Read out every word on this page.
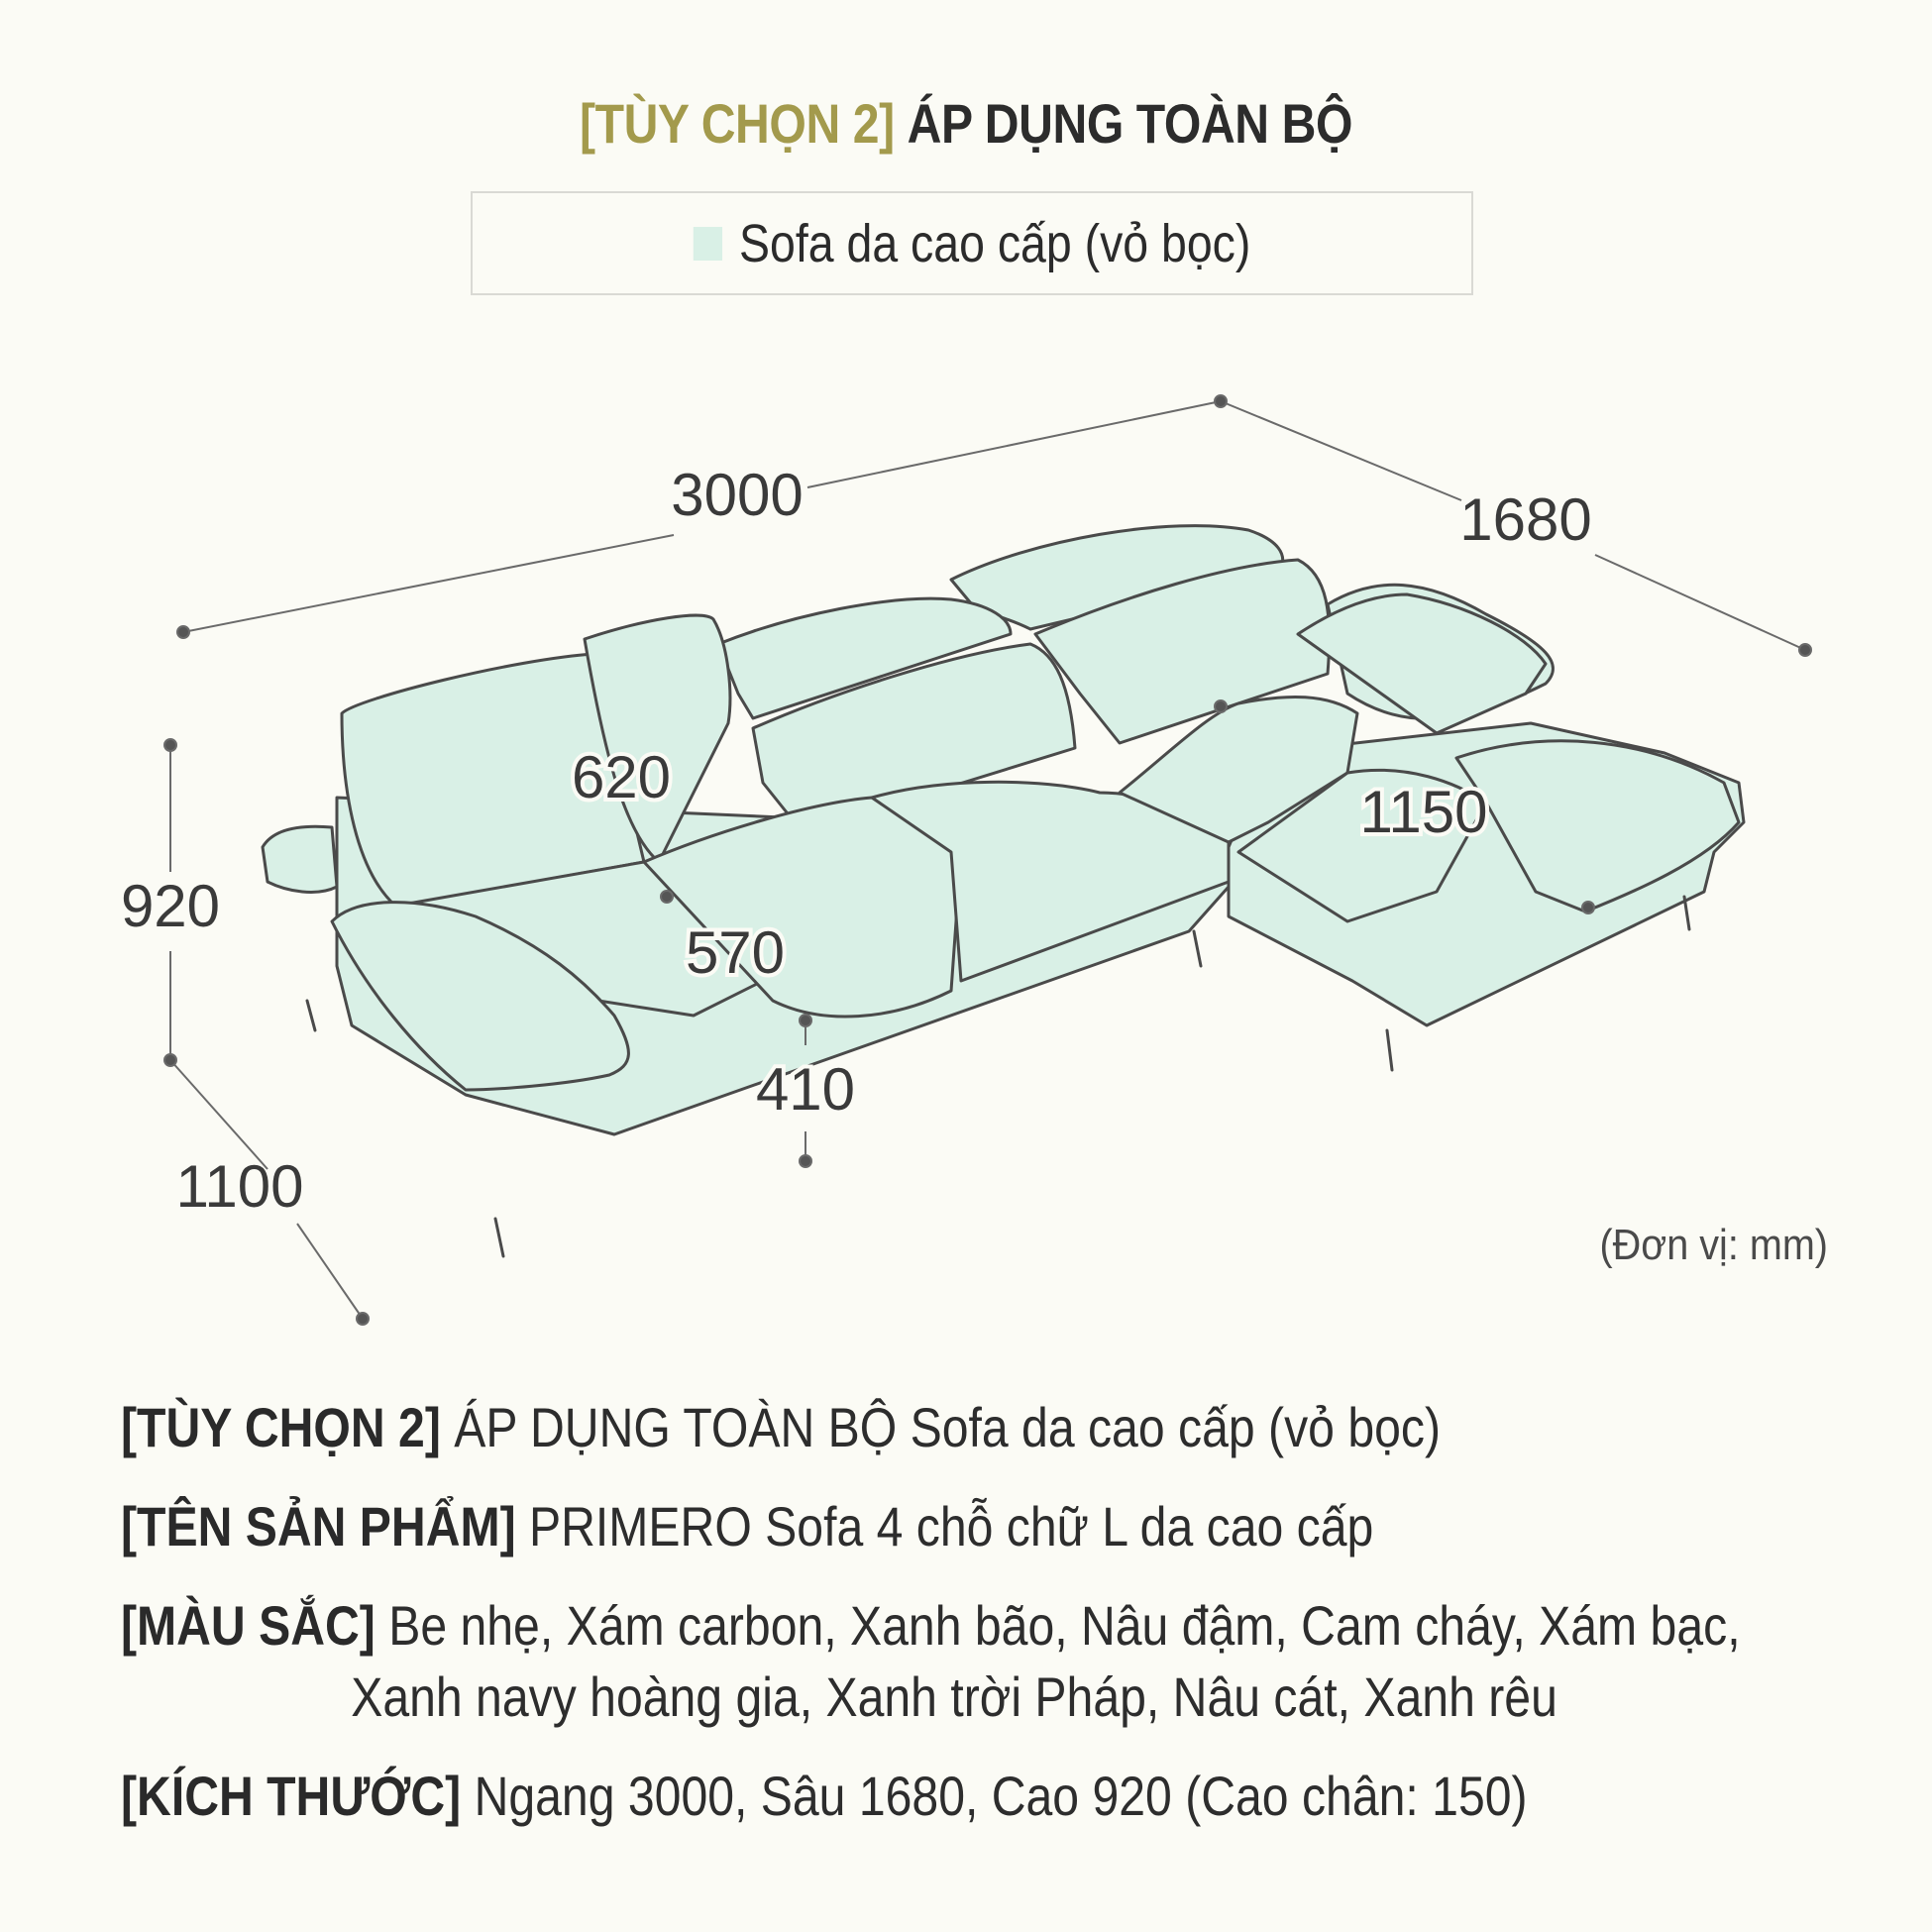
[TÙY CHỌN 2] ÁP DỤNG TOÀN BỘ
Sofa da cao cấp (vỏ bọc)
3000	1680
920
1100
620
1150
570
410
(Đơn vị: mm)
[TÙY CHỌN 2] ÁP DỤNG TOÀN BỘ Sofa da cao cấp (vỏ bọc)
[TÊN SẢN PHẨM] PRIMERO Sofa 4 chỗ chữ L da cao cấp
[MÀU SẮC] Be nhẹ, Xám carbon, Xanh bão, Nâu đậm, Cam cháy, Xám bạc,
Xanh navy hoàng gia, Xanh trời Pháp, Nâu cát, Xanh rêu
[KÍCH THƯỚC] Ngang 3000, Sâu 1680, Cao 920 (Cao chân: 150)
